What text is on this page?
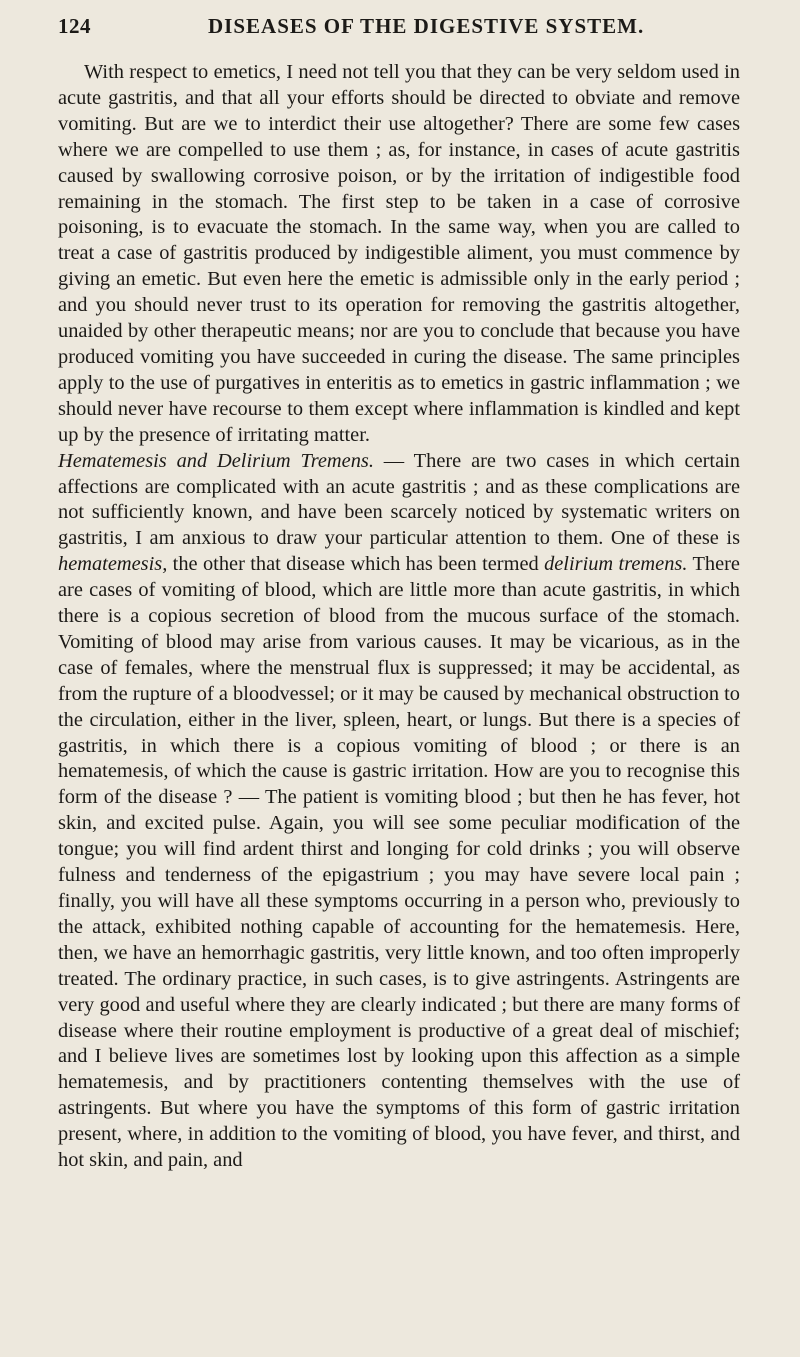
124	DISEASES OF THE DIGESTIVE SYSTEM.

With respect to emetics, I need not tell you that they can be very seldom used in acute gastritis, and that all your efforts should be directed to obviate and remove vomiting. But are we to interdict their use altogether? There are some few cases where we are compelled to use them ; as, for instance, in cases of acute gastritis caused by swallowing corrosive poison, or by the irritation of indigestible food remaining in the stomach. The first step to be taken in a case of corrosive poisoning, is to evacuate the stomach. In the same way, when you are called to treat a case of gastritis produced by indigestible aliment, you must commence by giving an emetic. But even here the emetic is admissible only in the early period ; and you should never trust to its operation for removing the gastritis altogether, unaided by other therapeutic means; nor are you to conclude that because you have produced vomiting you have succeeded in curing the disease. The same principles apply to the use of purgatives in enteritis as to emetics in gastric inflammation ; we should never have recourse to them except where inflammation is kindled and kept up by the presence of irritating matter.

Hematemesis and Delirium Tremens. — There are two cases in which certain affections are complicated with an acute gastritis ; and as these complications are not sufficiently known, and have been scarcely noticed by systematic writers on gastritis, I am anxious to draw your particular attention to them. One of these is hematemesis, the other that disease which has been termed delirium tremens. There are cases of vomiting of blood, which are little more than acute gastritis, in which there is a copious secretion of blood from the mucous surface of the stomach. Vomiting of blood may arise from various causes. It may be vicarious, as in the case of females, where the menstrual flux is suppressed; it may be accidental, as from the rupture of a bloodvessel; or it may be caused by mechanical obstruction to the circulation, either in the liver, spleen, heart, or lungs. But there is a species of gastritis, in which there is a copious vomiting of blood ; or there is an hematemesis, of which the cause is gastric irritation. How are you to recognise this form of the disease ? — The patient is vomiting blood ; but then he has fever, hot skin, and excited pulse. Again, you will see some peculiar modification of the tongue; you will find ardent thirst and longing for cold drinks ; you will observe fulness and tenderness of the epigastrium ; you may have severe local pain ; finally, you will have all these symptoms occurring in a person who, previously to the attack, exhibited nothing capable of accounting for the hematemesis. Here, then, we have an hemorrhagic gastritis, very little known, and too often improperly treated. The ordinary practice, in such cases, is to give astringents. Astringents are very good and useful where they are clearly indicated ; but there are many forms of disease where their routine employment is productive of a great deal of mischief; and I believe lives are sometimes lost by looking upon this affection as a simple hematemesis, and by practitioners contenting themselves with the use of astringents. But where you have the symptoms of this form of gastric irritation present, where, in addition to the vomiting of blood, you have fever, and thirst, and hot skin, and pain, and
